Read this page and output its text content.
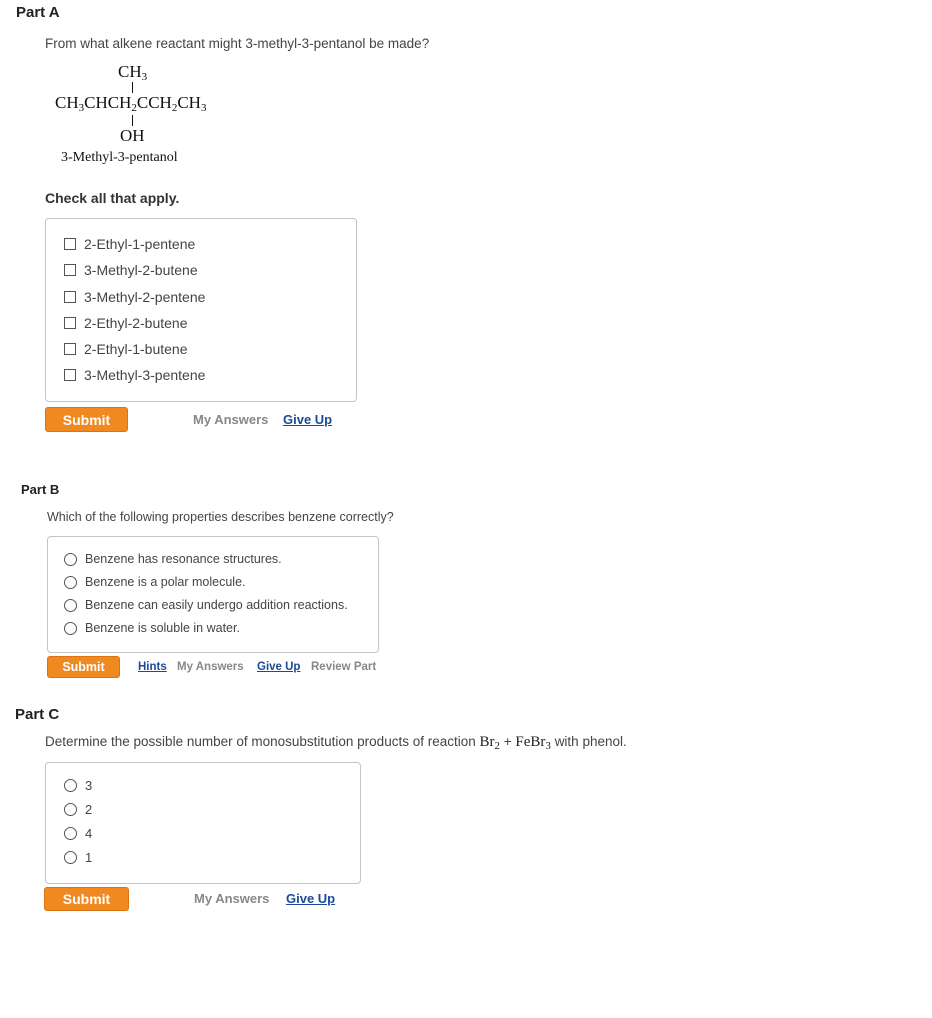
Part A
From what alkene reactant might 3-methyl-3-pentanol be made?
$CH_3$
$CH_3CHCH_2CCH_2CH_3$
OH
3-Methyl-3-pentanol
Check all that apply.
2-Ethyl-1-pentene
3-Methyl-2-butene
3-Methyl-2-pentene
2-Ethyl-2-butene
2-Ethyl-1-butene
3-Methyl-3-pentene
Submit	My Answers Give Up
Part B
Which of the following properties describes benzene correctly?
Benzene has resonance structures.
Benzene is a polar molecule.
Benzene can easily undergo addition reactions.
Benzene is soluble in water.
Submit	Hints My Answers Give Up Review Part
Part C
Determine the possible number of monosubstitution products of reaction $Br_2$ + FeBr$_3$ with phenol.
3
2
4
1
Submit	My Answers Give Up
